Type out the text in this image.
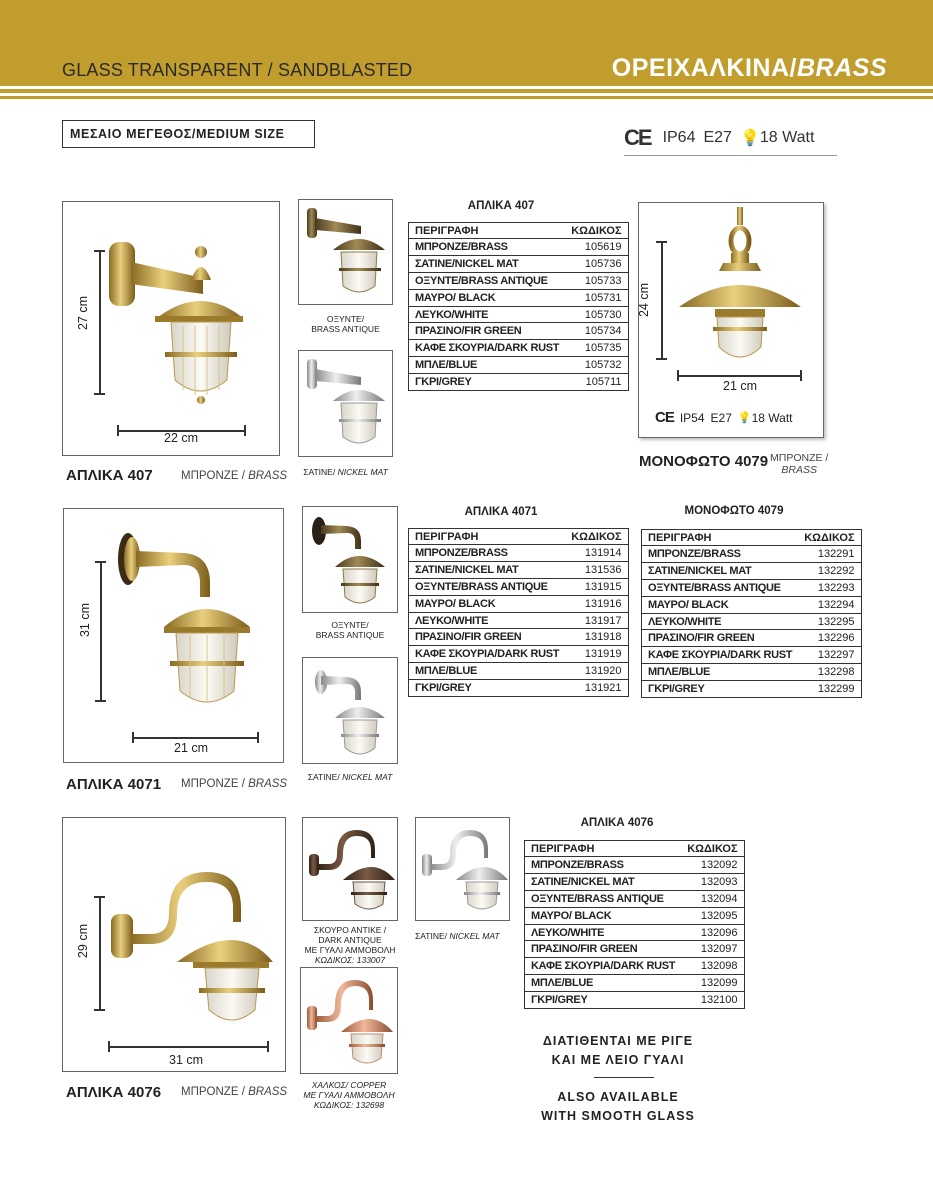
GLASS TRANSPARENT / SANDBLASTED	ΟΡΕΙΧΑΛΚΙΝΑ/BRASS
ΜΕΣΑΙΟ ΜΕΓΕΘΟΣ/MEDIUM SIZE	CE IP64 E27 💡 18 Watt
27 cm
22 cm
ΑΠΛΙΚΑ 407 ΜΠΡΟΝΖΕ / BRASS
ΟΞΥΝΤΕ/
BRASS ANTIQUE
ΣΑΤΙΝΕ/ NICKEL MAT
ΑΠΛΙΚΑ 407
ΠΕΡΙΓΡΑΦΗ	ΚΩΔΙΚΟΣ
ΜΠΡΟΝΖΕ/BRASS	105619
ΣΑΤΙΝΕ/NICKEL MAT	105736
ΟΞΥΝΤΕ/BRASS ANTIQUE	105733
ΜΑΥΡΟ/ BLACK	105731
ΛΕΥΚΟ/WHITE	105730
ΠΡΑΣΙΝΟ/FIR GREEN	105734
ΚΑΦΕ ΣΚΟΥΡΙΑ/DARK RUST	105735
ΜΠΛΕ/BLUE	105732
ΓΚΡΙ/GREY	105711
24 cm
21 cm
CE IP54 E27 💡 18 Watt
ΜΟΝΟΦΩΤΟ 4079 ΜΠΡΟΝΖΕ /
BRASS
ΜΟΝΟΦΩΤΟ 4079
ΠΕΡΙΓΡΑΦΗ	ΚΩΔΙΚΟΣ
ΜΠΡΟΝΖΕ/BRASS	132291
ΣΑΤΙΝΕ/NICKEL MAT	132292
ΟΞΥΝΤΕ/BRASS ANTIQUE	132293
ΜΑΥΡΟ/ BLACK	132294
ΛΕΥΚΟ/WHITE	132295
ΠΡΑΣΙΝΟ/FIR GREEN	132296
ΚΑΦΕ ΣΚΟΥΡΙΑ/DARK RUST	132297
ΜΠΛΕ/BLUE	132298
ΓΚΡΙ/GREY	132299
31 cm
21 cm
ΑΠΛΙΚΑ 4071 ΜΠΡΟΝΖΕ / BRASS
ΟΞΥΝΤΕ/
BRASS ANTIQUE
ΣΑΤΙΝΕ/ NICKEL MAT
ΑΠΛΙΚΑ 4071
ΠΕΡΙΓΡΑΦΗ	ΚΩΔΙΚΟΣ
ΜΠΡΟΝΖΕ/BRASS	131914
ΣΑΤΙΝΕ/NICKEL MAT	131536
ΟΞΥΝΤΕ/BRASS ANTIQUE	131915
ΜΑΥΡΟ/ BLACK	131916
ΛΕΥΚΟ/WHITE	131917
ΠΡΑΣΙΝΟ/FIR GREEN	131918
ΚΑΦΕ ΣΚΟΥΡΙΑ/DARK RUST	131919
ΜΠΛΕ/BLUE	131920
ΓΚΡΙ/GREY	131921
29 cm
31 cm
ΑΠΛΙΚΑ 4076 ΜΠΡΟΝΖΕ / BRASS
ΣΚΟΥΡΟ ΑΝΤΙΚΕ /
DARK ANTIQUE
ΜΕ ΓΥΑΛΙ ΑΜΜΟΒΟΛΗ
ΚΩΔΙΚΟΣ: 133007
ΣΑΤΙΝΕ/ NICKEL MAT
ΧΑΛΚΟΣ/ COPPER
ΜΕ ΓΥΑΛΙ ΑΜΜΟΒΟΛΗ
ΚΩΔΙΚΟΣ: 132698
ΑΠΛΙΚΑ 4076
ΠΕΡΙΓΡΑΦΗ	ΚΩΔΙΚΟΣ
ΜΠΡΟΝΖΕ/BRASS	132092
ΣΑΤΙΝΕ/NICKEL MAT	132093
ΟΞΥΝΤΕ/BRASS ANTIQUE	132094
ΜΑΥΡΟ/ BLACK	132095
ΛΕΥΚΟ/WHITE	132096
ΠΡΑΣΙΝΟ/FIR GREEN	132097
ΚΑΦΕ ΣΚΟΥΡΙΑ/DARK RUST	132098
ΜΠΛΕ/BLUE	132099
ΓΚΡΙ/GREY	132100
ΔΙΑΤΙΘΕΝΤΑΙ ΜΕ ΡΙΓΕ
ΚΑΙ ΜΕ ΛΕΙΟ ΓΥΑΛΙ
ALSO AVAILABLE
WITH SMOOTH GLASS
